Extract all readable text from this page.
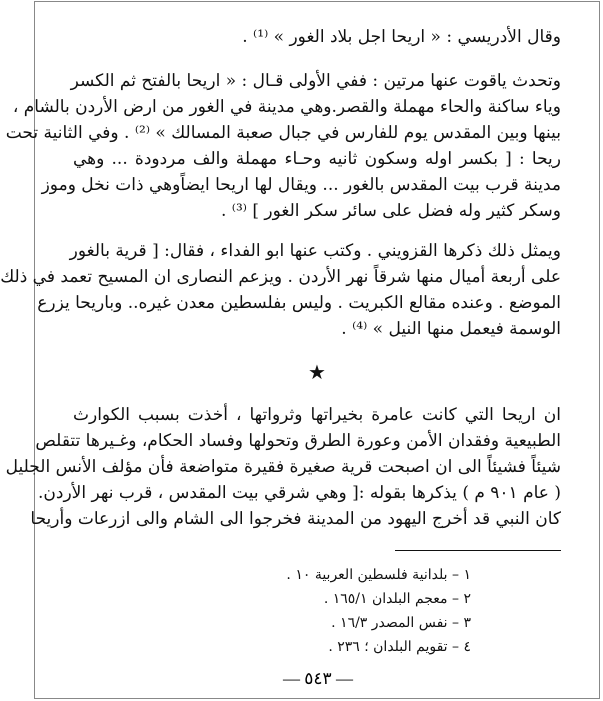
وقال الأدريسي : « اريحا اجل بلاد الغور » ⁽¹⁾ .
وتحدث ياقوت عنها مرتين : ففي الأولى قـال : « اريحا بالفتح ثم الكسر
وياء ساكنة والحاء مهملة والقصر.وهي مدينة في الغور من ارض الأردن بالشام ،
بينها وبين المقدس يوم للفارس في جبال صعبة المسالك » ⁽²⁾ . وفي الثانية تحت
ريحا : [ بكسر اوله وسكون ثانيه وحـاء مهملة والف مردودة ... وهي
مدينة قرب بيت المقدس بالغور ... ويقال لها اريحا ايضاًوهي ذات نخل وموز
وسكر كثير وله فضل على سائر سكر الغور ] ⁽³⁾ .
ويمثل ذلك ذكرها القزويني . وكتب عنها ابو الفداء ، فقال: [ قرية بالغور
على أربعة أميال منها شرقاً نهر الأردن . ويزعم النصارى ان المسيح تعمد في ذلك
الموضع . وعنده مقالع الكبريت . وليس بفلسطين معدن غيره.. وباريحا يزرع
الوسمة فيعمل منها النيل » ⁽⁴⁾ .
★
ان اريحا التي كانت عامرة بخيراتها وثرواتها ، أخذت بسبب الكوارث
الطبيعية وفقدان الأمن وعورة الطرق وتحولها وفساد الحكام، وغـيرها تتقلص
شيئاً فشيئاً الى ان اصبحت قرية صغيرة فقيرة متواضعة فأن مؤلف الأنس الجليل
( عام ٩٠١ م ) يذكرها بقوله :[ وهي شرقي بيت المقدس ، قرب نهر الأردن.
كان النبي قد أخرج اليهود من المدينة فخرجوا الى الشام والى ازرعات وأريحا
١ – بلدانية فلسطين العربية ١٠ .
٢ – معجم البلدان ١٦٥/١ .
٣ – نفس المصدر ١٦/٣ .
٤ – تقويم البلدان ؛ ٢٣٦ .
— ٥٤٣ —
